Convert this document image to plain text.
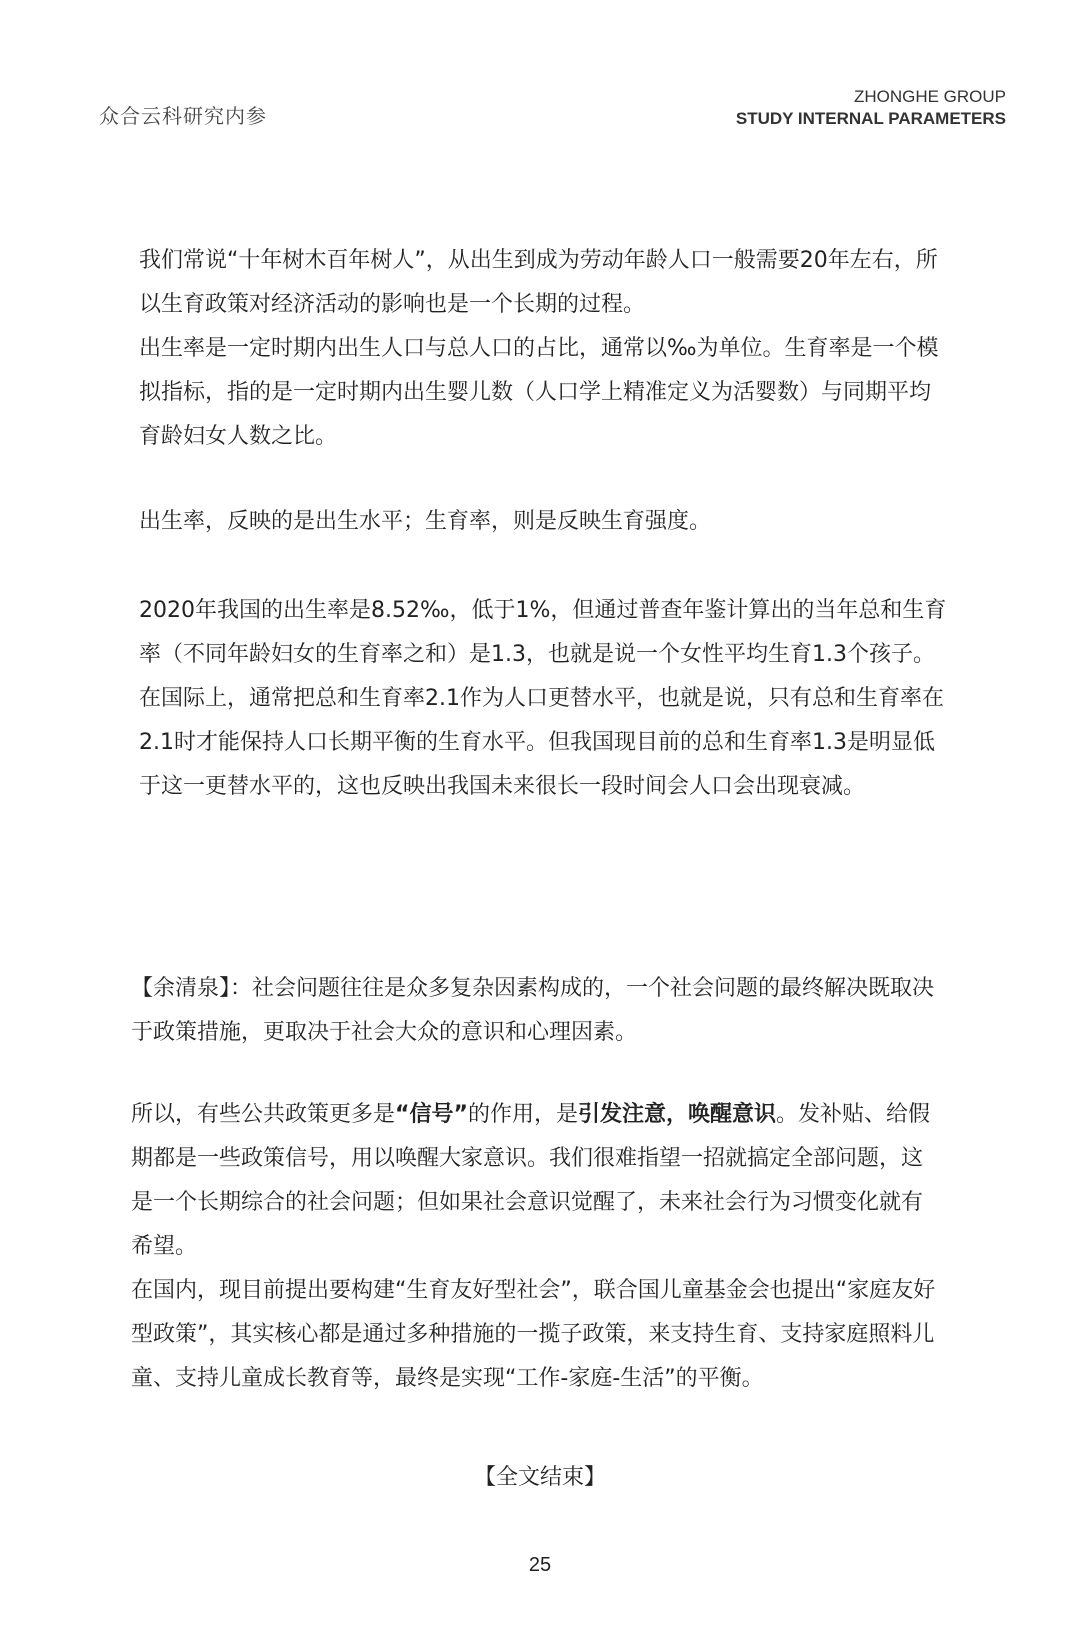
众合云科研究内参
ZHONGHE GROUP
STUDY INTERNAL PARAMETERS

我们常说“十年树木百年树人”，从出生到成为劳动年龄人口一般需要20年左右，所以生育政策对经济活动的影响也是一个长期的过程。

出生率是一定时期内出生人口与总人口的占比，通常以‰为单位。生育率是一个模拟指标，指的是一定时期内出生婴儿数（人口学上精准定义为活婴数）与同期平均育龄妇女人数之比。

出生率，反映的是出生水平；生育率，则是反映生育强度。

2020年我国的出生率是8.52‰，低于1%，但通过普查年鉴计算出的当年总和生育率（不同年龄妇女的生育率之和）是1.3，也就是说一个女性平均生育1.3个孩子。

在国际上，通常把总和生育率2.1作为人口更替水平，也就是说，只有总和生育率在2.1时才能保持人口长期平衡的生育水平。但我国现目前的总和生育率1.3是明显低于这一更替水平的，这也反映出我国未来很长一段时间会人口会出现衰减。

【余清泉】：社会问题往往是众多复杂因素构成的，一个社会问题的最终解决既取决于政策措施，更取决于社会大众的意识和心理因素。

所以，有些公共政策更多是“信号”的作用，是引发注意，唤醒意识。发补贴、给假期都是一些政策信号，用以唤醒大家意识。我们很难指望一招就搞定全部问题，这是一个长期综合的社会问题；但如果社会意识觉醒了，未来社会行为习惯变化就有希望。

在国内，现目前提出要构建“生育友好型社会”，联合国儿童基金会也提出“家庭友好型政策”，其实核心都是通过多种措施的一揽子政策，来支持生育、支持家庭照料儿童、支持儿童成长教育等，最终是实现“工作-家庭-生活”的平衡。

【全文结束】
25
